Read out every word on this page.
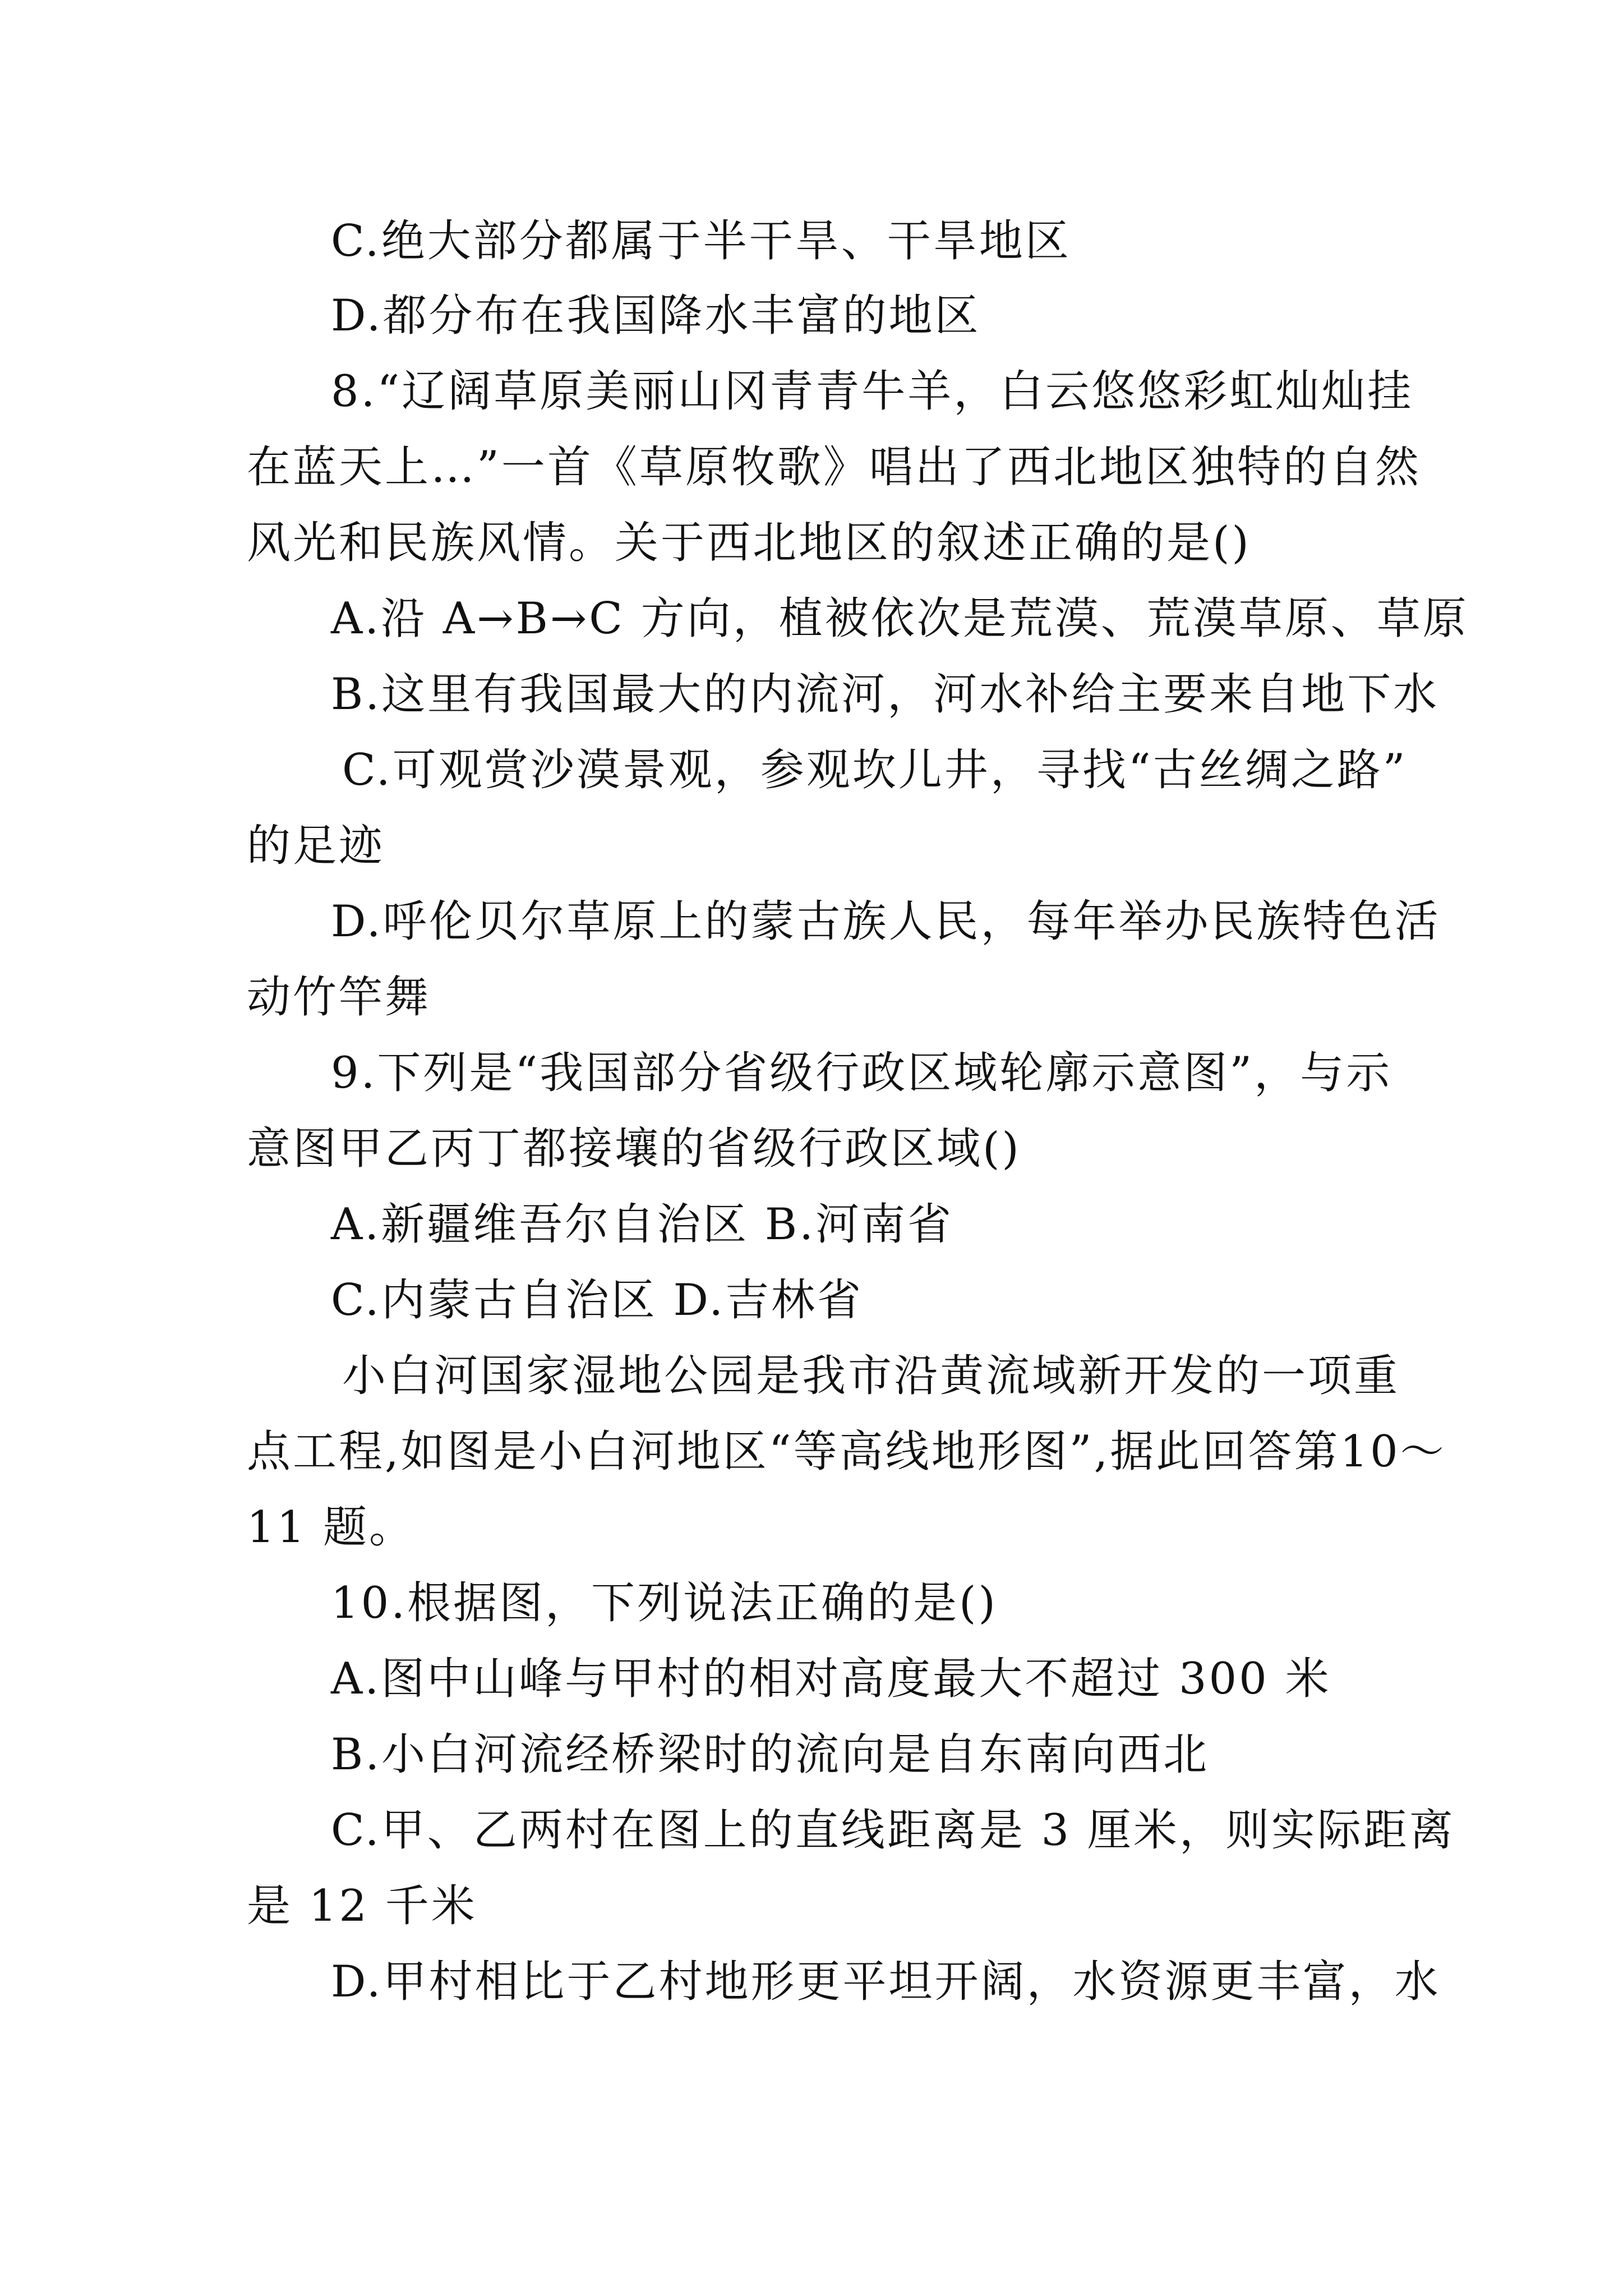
C.绝大部分都属于半干旱、干旱地区
D.都分布在我国降水丰富的地区
8.“辽阔草原美丽山冈青青牛羊，白云悠悠彩虹灿灿挂
在蓝天上…”一首《草原牧歌》唱出了西北地区独特的自然
风光和民族风情。关于西北地区的叙述正确的是()
A.沿 A→B→C 方向，植被依次是荒漠、荒漠草原、草原
B.这里有我国最大的内流河，河水补给主要来自地下水
C.可观赏沙漠景观，参观坎儿井，寻找“古丝绸之路”
的足迹
D.呼伦贝尔草原上的蒙古族人民，每年举办民族特色活
动竹竿舞
9.下列是“我国部分省级行政区域轮廓示意图”，与示
意图甲乙丙丁都接壤的省级行政区域()
A.新疆维吾尔自治区 B.河南省
C.内蒙古自治区 D.吉林省
小白河国家湿地公园是我市沿黄流域新开发的一项重
点工程,如图是小白河地区“等高线地形图”,据此回答第10～
11 题。
10.根据图，下列说法正确的是()
A.图中山峰与甲村的相对高度最大不超过 300 米
B.小白河流经桥梁时的流向是自东南向西北
C.甲、乙两村在图上的直线距离是 3 厘米，则实际距离
是 12 千米
D.甲村相比于乙村地形更平坦开阔，水资源更丰富，水
